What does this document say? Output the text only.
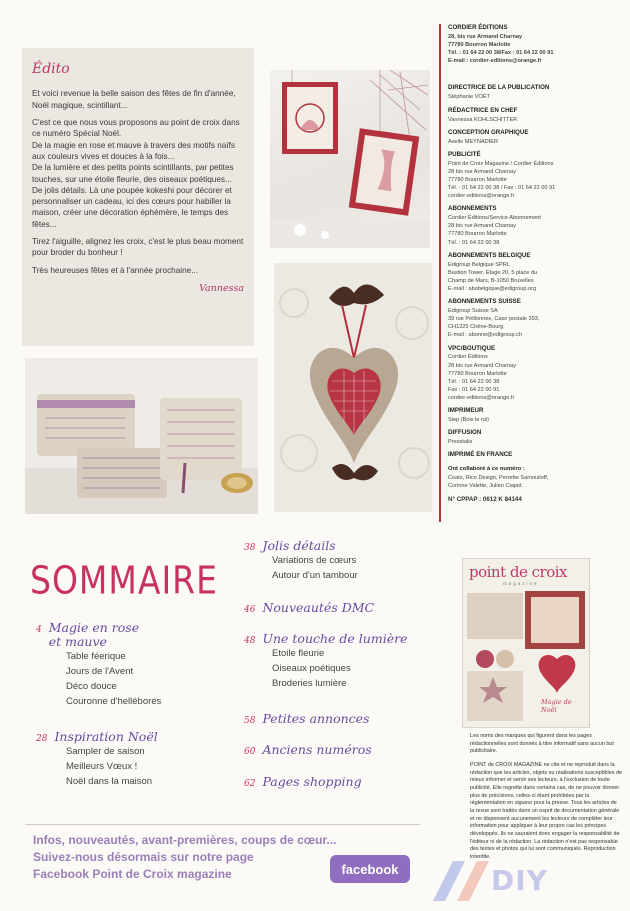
Édito

Et voici revenue la belle saison des fêtes de fin d'année, Noël magique, scintillant...

C'est ce que nous vous proposons au point de croix dans ce numéro Spécial Noël.
De la magie en rose et mauve à travers des motifs naïfs aux couleurs vives et douces à la fois...
De la lumière et des petits points scintillants, par petites touches, sur une étoile fleurie, des oiseaux poétiques...
De jolis détails. Là une poupée kokeshi pour décorer et personnaliser un cadeau, ici des cœurs pour habiller la maison, créer une décoration éphémère, le temps des fêtes...

Tirez l'aiguille, alignez les croix, c'est le plus beau moment pour broder du bonheur !

Très heureuses fêtes et à l'année prochaine...

Vannessa
SOMMAIRE
4 Magie en rose
et mauve
Table féerique
Jours de l'Avent
Déco douce
Couronne d'hellébores
28 Inspiration Noël
Sampler de saison
Meilleurs Vœux !
Noël dans la maison
38 Jolis détails
Variations de cœurs
Autour d'un tambour
46 Nouveautés DMC
48 Une touche de lumière
Etoile fleurie
Oiseaux poétiques
Broderies lumière
58 Petites annonces
60 Anciens numéros
62 Pages shopping
Infos, nouveautés, avant-premières, coups de cœur...
Suivez-nous désormais sur notre page
Facebook Point de Croix magazine	facebook
CORDIER ÉDITIONS
28, bis rue Armand Charnay
77780 Bourron Marlotte
Tél. : 01 64 22 00 38/Fax : 01 64 22 00 91
E-mail : cordier-editions@orange.fr
DIRECTRICE DE LA PUBLICATION
Stéphanie VOËT
RÉDACTRICE EN CHEF
Vannessa KOHLSCHITTER
CONCEPTION GRAPHIQUE
Axelle MEYNADIER
PUBLICITÉ
Point de Croix Magazine / Cordier Éditions
28 bis rue Armand Charnay
77780 Bourron Marlotte
Tél. : 01 64 22 00 38 / Fax : 01 64 22 00 91
cordier-editions@orange.fr
ABONNEMENTS
Cordier Éditions/Service Abonnement
28 bis rue Armand Charnay
77780 Bourron Marlotte
Tél. : 01 64 22 00 38
ABONNEMENTS BELGIQUE
Edigroup Belgique SPRL
Bastion Tower, Étage 20, 5 place du
Champ de Mars, B-1050 Bruxelles
E-mail : abobelgique@edigroup.org
ABONNEMENTS SUISSE
Edigroup Suisse SA
39 rue Peillonnex, Case postale 393,
CH1225 Chêne-Bourg
E-mail : abonne@edigroup.ch
VPC/BOUTIQUE
Cordier Éditions
28 bis rue Armand Charnay
77780 Bourron Marlotte
Tél. : 01 64 22 00 38
Fax : 01 64 22 00 91
cordier-editions@orange.fr
IMPRIMEUR
Siep (Bois le roi)
DIFFUSION
Presstalis
IMPRIMÉ EN FRANCE
Ont collaboré à ce numéro :
Coats, Rico Design, Perrette Samouiloff,
Corinne Valette, Julien Ciapot.
N° CPPAP : 0612 K 84144
point de croix
magazine
Magie de Noël

Les noms des marques qui figurent dans les pages rédactionnelles sont donnés à titre informatif sans aucun but publicitaire.

POINT de CROIX MAGAZINE ne cite et ne reproduit dans la rédaction que les articles, objets ou réalisations susceptibles de mieux informer et servir ses lecteurs, à l'exclusion de toute publicité. Elle regrette dans certains cas, de ne pouvoir donner plus de précisions, celles-ci étant prohibées par la réglementation en vigueur pour la presse. Tous les articles de la revue sont traités dans un esprit de documentation générale et ne dispensent aucunement les lecteurs de compléter leur information pour appliquer à leur propre cas les principes développés. Ils ne sauraient donc engager la responsabilité de l'éditeur ni de la rédaction. La rédaction n'est pas responsable des textes et photos qui lui sont communiqués. Reproduction interdite.

DIY
